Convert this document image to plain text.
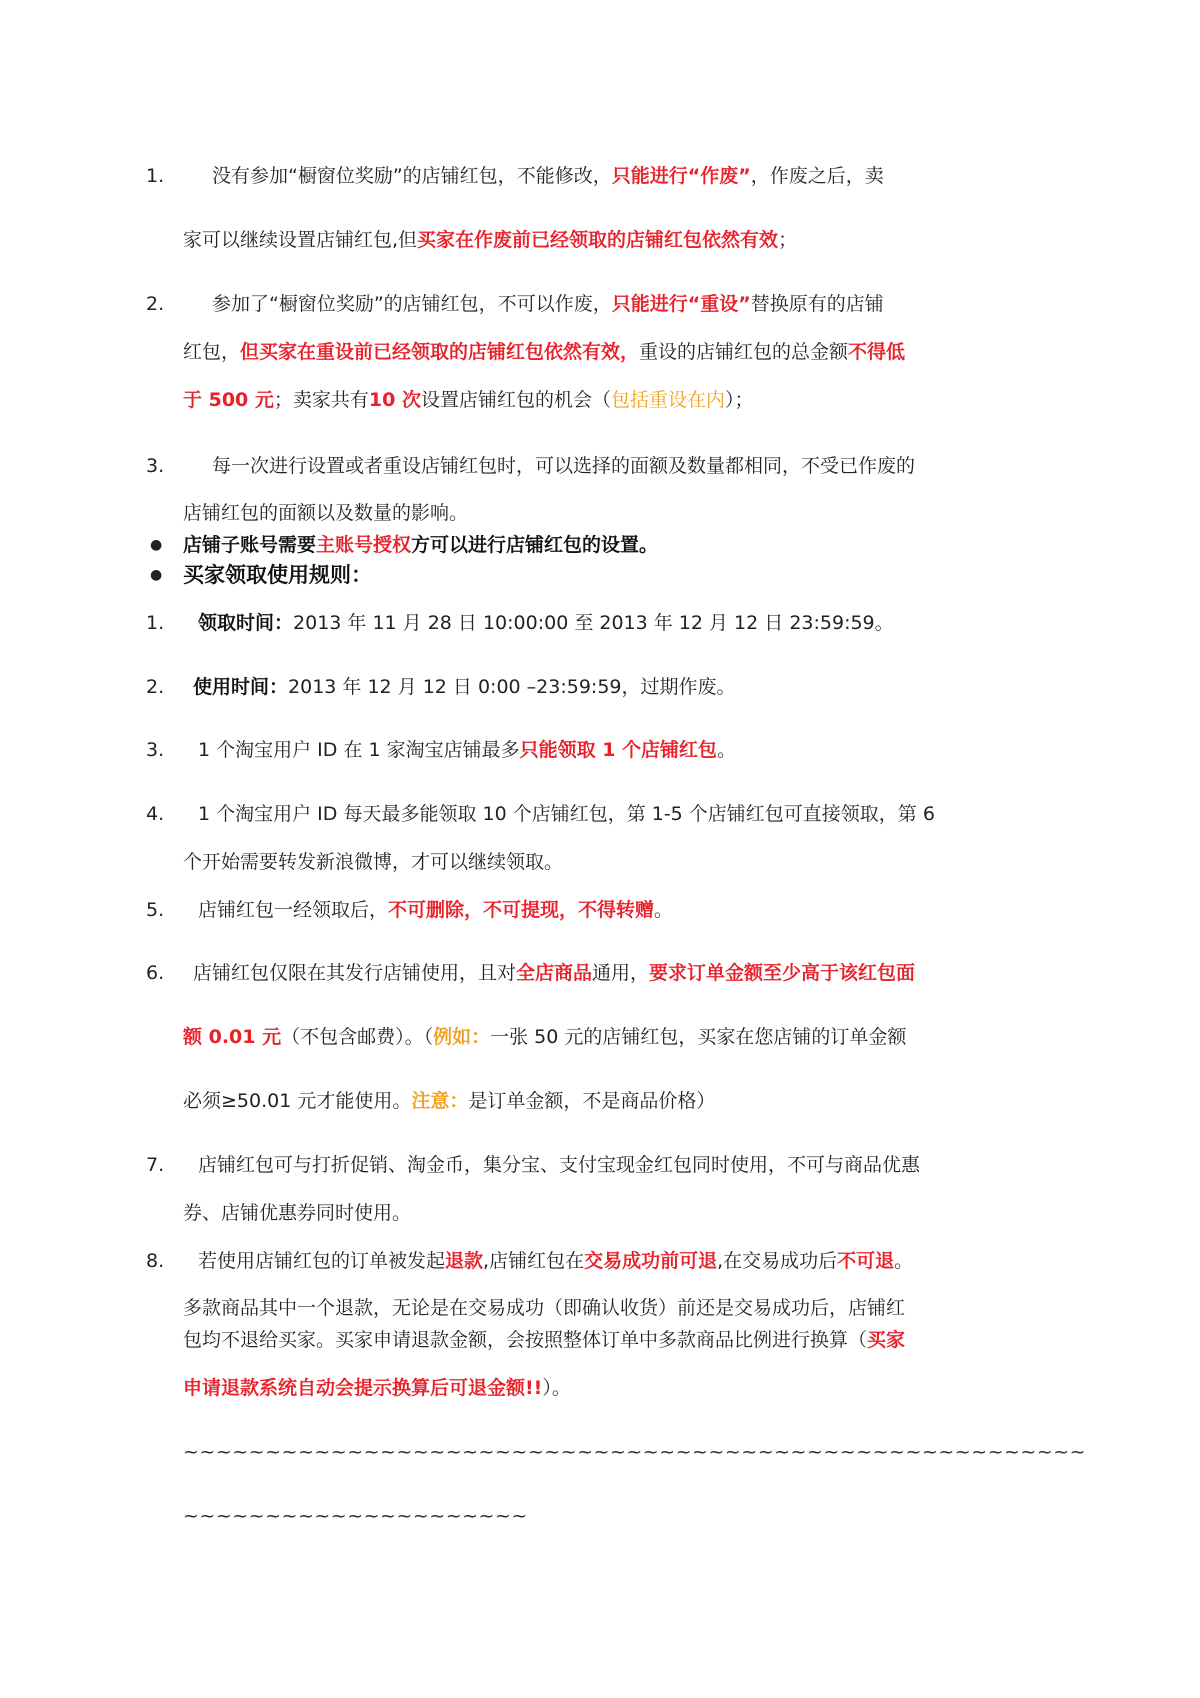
1. 　没有参加“橱窗位奖励”的店铺红包，不能修改，只能进行“作废”，作废之后，卖
家可以继续设置店铺红包,但买家在作废前已经领取的店铺红包依然有效；
2. 　参加了“橱窗位奖励”的店铺红包，不可以作废，只能进行“重设”替换原有的店铺
红包，但买家在重设前已经领取的店铺红包依然有效，重设的店铺红包的总金额不得低
于 500 元；卖家共有10 次设置店铺红包的机会（包括重设在内）；
3. 　每一次进行设置或者重设店铺红包时，可以选择的面额及数量都相同，不受已作废的
店铺红包的面额以及数量的影响。
● 店铺子账号需要主账号授权方可以进行店铺红包的设置。
● 买家领取使用规则：
1. 领取时间：2013 年 11 月 28 日 10:00:00 至 2013 年 12 月 12 日 23:59:59。
2. 使用时间：2013 年 12 月 12 日 0:00 –23:59:59，过期作废。
3. 1 个淘宝用户 ID 在 1 家淘宝店铺最多只能领取 1 个店铺红包。
4. 1 个淘宝用户 ID 每天最多能领取 10 个店铺红包，第 1-5 个店铺红包可直接领取，第 6
个开始需要转发新浪微博，才可以继续领取。
5. 店铺红包一经领取后，不可删除，不可提现，不得转赠。
6. 店铺红包仅限在其发行店铺使用，且对全店商品通用，要求订单金额至少高于该红包面
额 0.01 元（不包含邮费）。（例如：一张 50 元的店铺红包，买家在您店铺的订单金额
必须≥50.01 元才能使用。注意：是订单金额，不是商品价格）
7. 店铺红包可与打折促销、淘金币，集分宝、支付宝现金红包同时使用，不可与商品优惠
券、店铺优惠券同时使用。
8. 若使用店铺红包的订单被发起退款,店铺红包在交易成功前可退,在交易成功后不可退。
多款商品其中一个退款，无论是在交易成功（即确认收货）前还是交易成功后，店铺红
包均不退给买家。买家申请退款金额，会按照整体订单中多款商品比例进行换算（买家
申请退款系统自动会提示换算后可退金额!!）。
~~~~~~~~~~~~~~~~~~~~~~~~~~~~~~~~~~~~~~~~~~~~~~~~~~~~~~~
~~~~~~~~~~~~~~~~~~~~~
